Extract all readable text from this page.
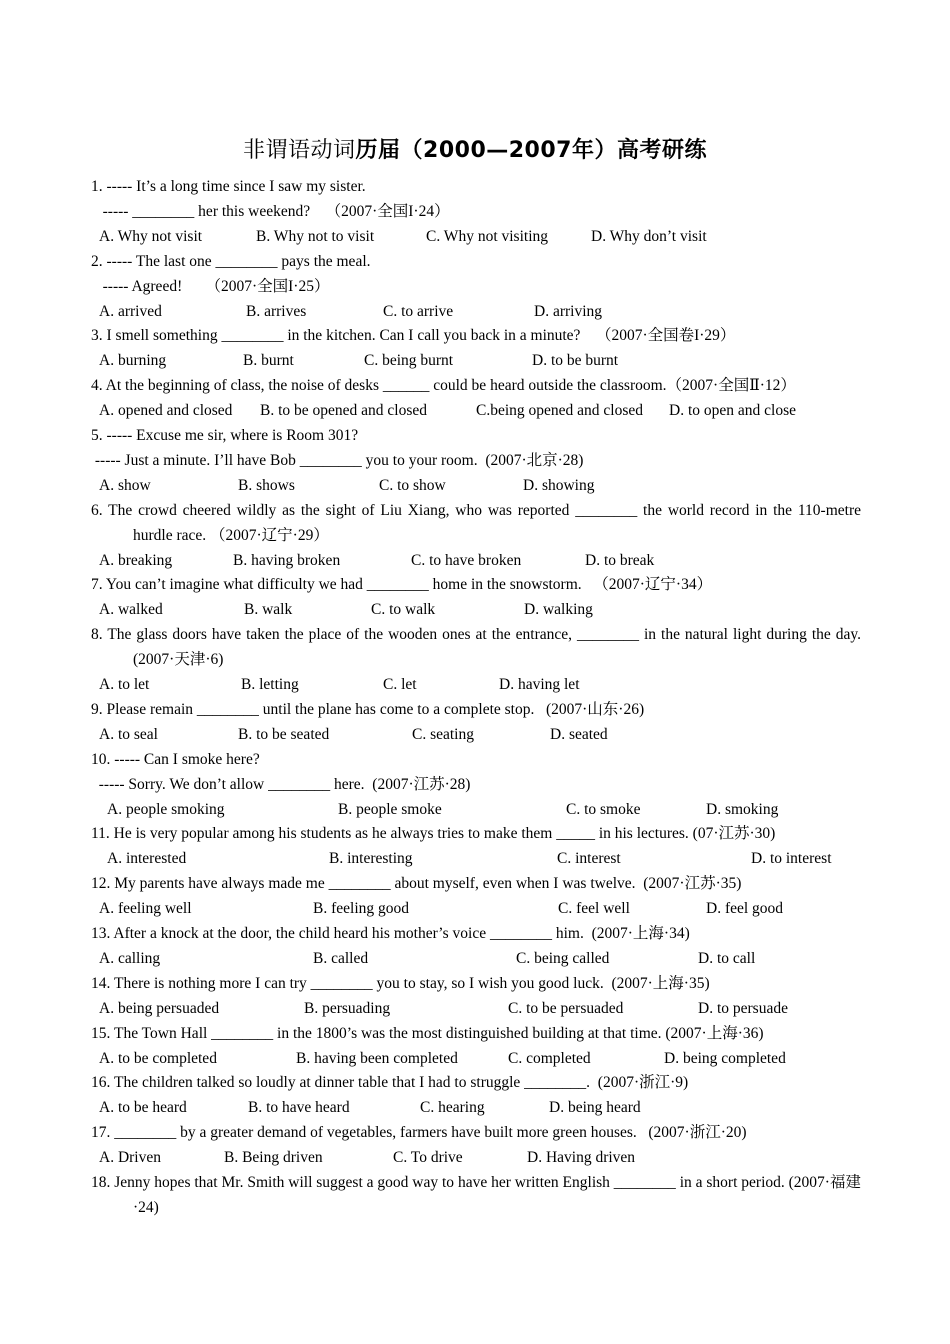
非谓语动词历届（2000—2007年）高考研练
1. ----- It’s a long time since I saw my sister.
----- ________ her this weekend?    （2007·全国I·24）
A. Why not visit	B. Why not to visit	C. Why not visiting	D. Why don’t visit
2. ----- The last one ________ pays the meal.
----- Agreed!      （2007·全国I·25）
A. arrived	B. arrives	C. to arrive	D. arriving
3. I smell something ________ in the kitchen. Can I call you back in a minute?    （2007·全国卷I·29）
A. burning	B. burnt	C. being burnt	D. to be burnt
4. At the beginning of class, the noise of desks ______ could be heard outside the classroom.（2007·全国Ⅱ·12）
A. opened and closed B. to be opened and closed	C.being opened and closed D. to open and close
5. ----- Excuse me sir, where is Room 301?
----- Just a minute. I’ll have Bob ________ you to your room.  (2007·北京·28)
A. show	B. shows	C. to show	D. showing
6. The crowd cheered wildly as the sight of Liu Xiang, who was reported ________ the world record in the 110-metre hurdle race. （2007·辽宁·29）
A. breaking	B. having broken	C. to have broken	D. to break
7. You can’t imagine what difficulty we had ________ home in the snowstorm.   （2007·辽宁·34）
A. walked	B. walk	C. to walk	D. walking
8. The glass doors have taken the place of the wooden ones at the entrance, ________ in the natural light during the day. (2007·天津·6)
A. to let	B. letting	C. let	D. having let
9. Please remain ________ until the plane has come to a complete stop.   (2007·山东·26)
A. to seal	B. to be seated	C. seating	D. seated
10. ----- Can I smoke here?
----- Sorry. We don’t allow ________ here.  (2007·江苏·28)
A. people smoking	B. people smoke	C. to smoke	D. smoking
11. He is very popular among his students as he always tries to make them _____ in his lectures. (07·江苏·30)
A. interested	B. interesting	C. interest	D. to interest
12. My parents have always made me ________ about myself, even when I was twelve.  (2007·江苏·35)
A. feeling well	B. feeling good	C. feel well	D. feel good
13. After a knock at the door, the child heard his mother’s voice ________ him.  (2007·上海·34)
A. calling	B. called	C. being called	D. to call
14. There is nothing more I can try ________ you to stay, so I wish you good luck.  (2007·上海·35)
A. being persuaded	B. persuading	C. to be persuaded	D. to persuade
15. The Town Hall ________ in the 1800’s was the most distinguished building at that time. (2007·上海·36)
A. to be completed	B. having been completed	C. completed	D. being completed
16. The children talked so loudly at dinner table that I had to struggle ________.  (2007·浙江·9)
A. to be heard	B. to have heard	C. hearing	D. being heard
17. ________ by a greater demand of vegetables, farmers have built more green houses.   (2007·浙江·20)
A. Driven	B. Being driven	C. To drive	D. Having driven
18. Jenny hopes that Mr. Smith will suggest a good way to have her written English ________ in a short period. (2007·福建·24)
